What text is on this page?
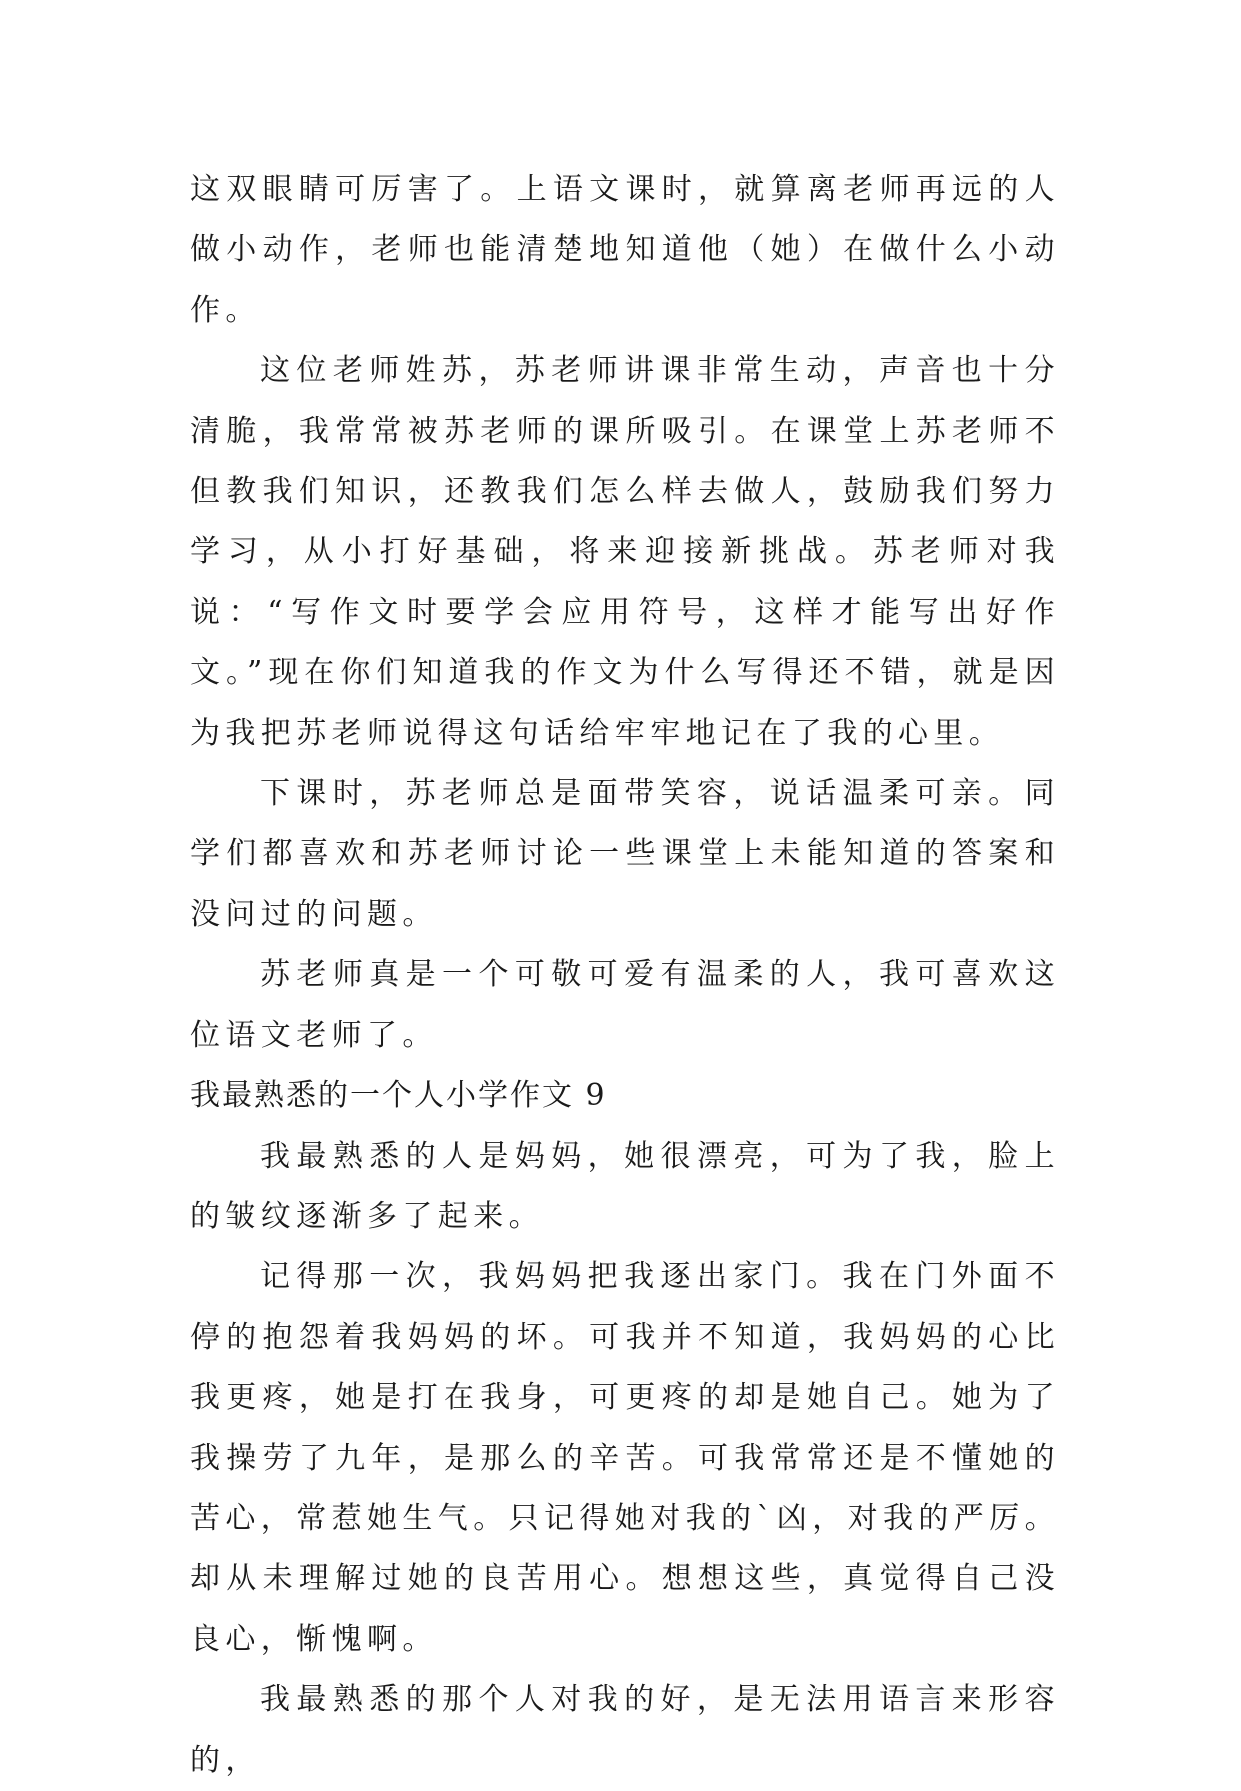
这双眼睛可厉害了。上语文课时，就算离老师再远的人做小动作，老师也能清楚地知道他（她）在做什么小动作。

这位老师姓苏，苏老师讲课非常生动，声音也十分清脆，我常常被苏老师的课所吸引。在课堂上苏老师不但教我们知识，还教我们怎么样去做人，鼓励我们努力学习，从小打好基础，将来迎接新挑战。苏老师对我说：“写作文时要学会应用符号，这样才能写出好作文。”现在你们知道我的作文为什么写得还不错，就是因为我把苏老师说得这句话给牢牢地记在了我的心里。

下课时，苏老师总是面带笑容，说话温柔可亲。同学们都喜欢和苏老师讨论一些课堂上未能知道的答案和没问过的问题。

苏老师真是一个可敬可爱有温柔的人，我可喜欢这位语文老师了。

我最熟悉的一个人小学作文 9

我最熟悉的人是妈妈，她很漂亮，可为了我，脸上的皱纹逐渐多了起来。

记得那一次，我妈妈把我逐出家门。我在门外面不停的抱怨着我妈妈的坏。可我并不知道，我妈妈的心比我更疼，她是打在我身，可更疼的却是她自己。她为了我操劳了九年，是那么的辛苦。可我常常还是不懂她的苦心，常惹她生气。只记得她对我的`凶，对我的严厉。却从未理解过她的良苦用心。想想这些，真觉得自己没良心，惭愧啊。

我最熟悉的那个人对我的好，是无法用语言来形容的，
